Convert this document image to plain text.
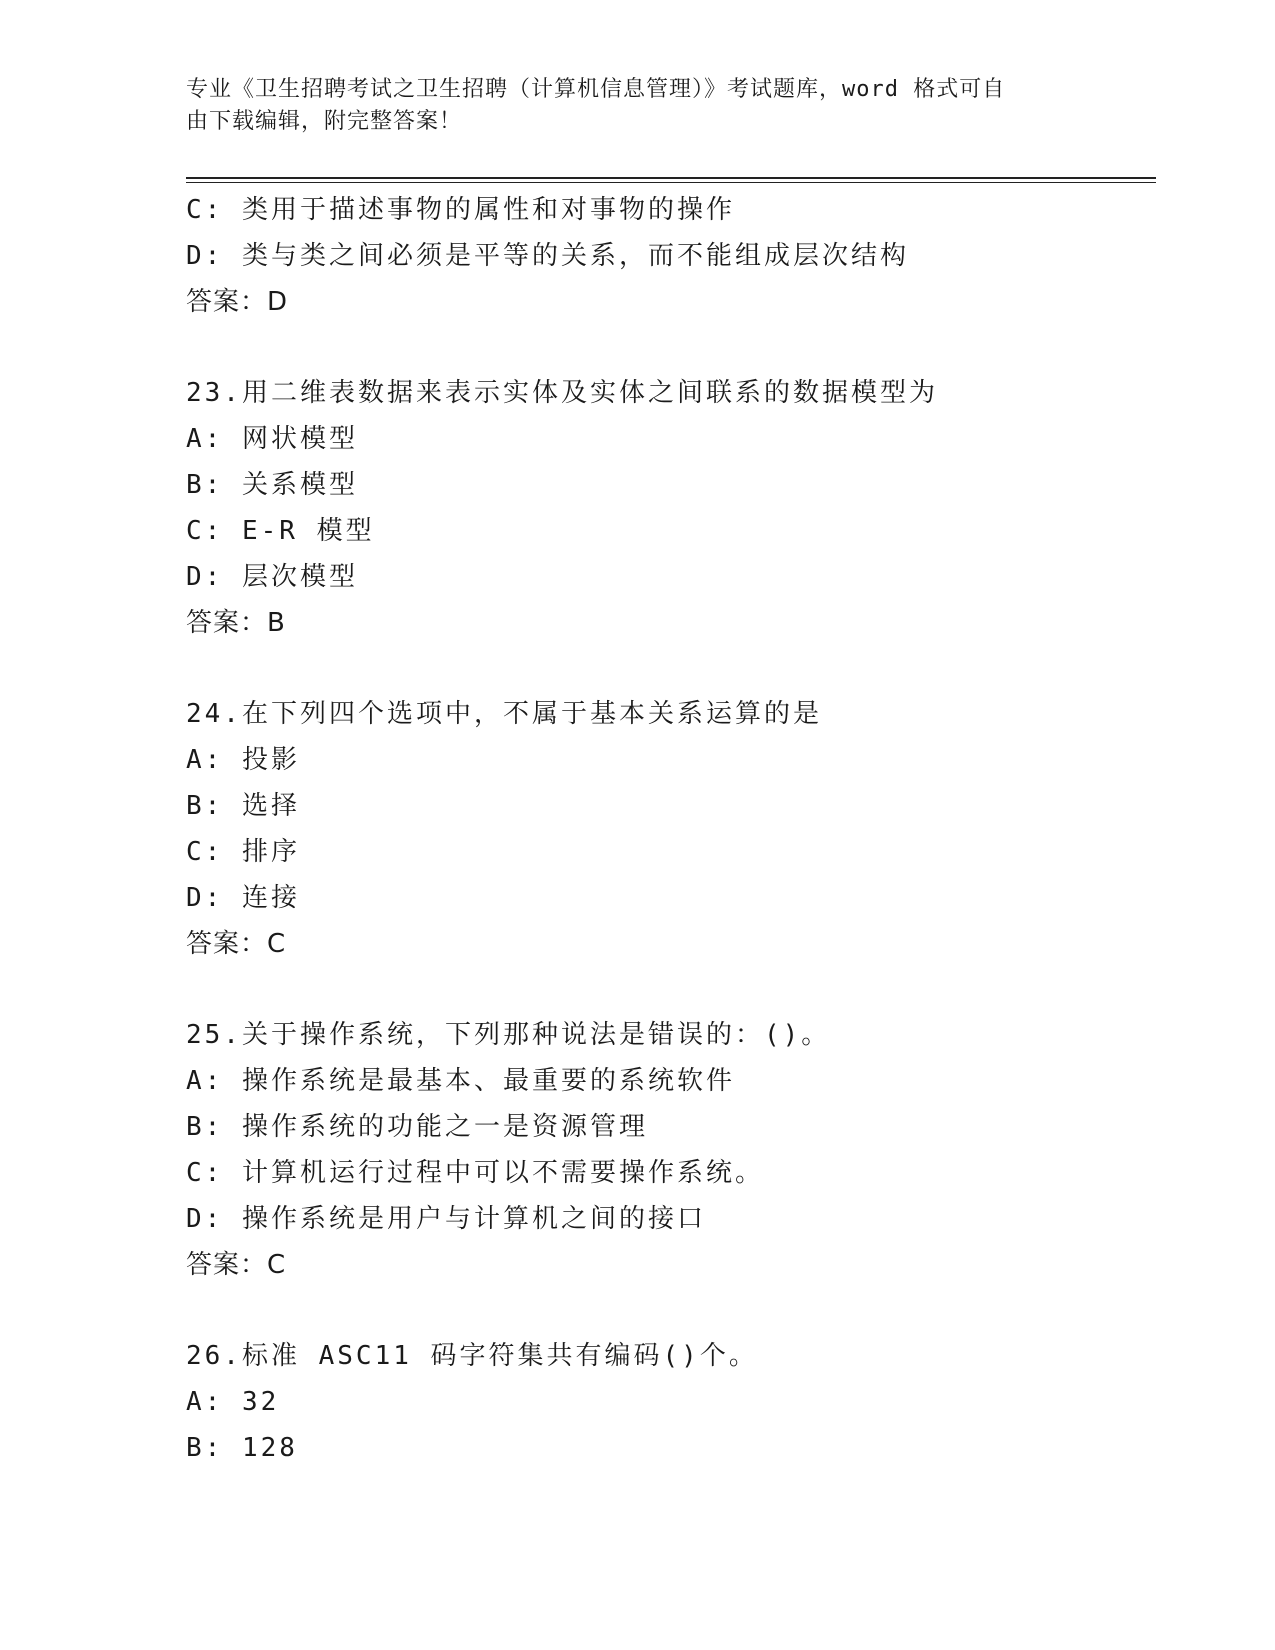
专业《卫生招聘考试之卫生招聘（计算机信息管理）》考试题库，word 格式可自
由下载编辑，附完整答案！
C: 类用于描述事物的属性和对事物的操作
D: 类与类之间必须是平等的关系，而不能组成层次结构
答案：D
23.用二维表数据来表示实体及实体之间联系的数据模型为
A: 网状模型
B: 关系模型
C: E-R 模型
D: 层次模型
答案：B
24.在下列四个选项中，不属于基本关系运算的是
A: 投影
B: 选择
C: 排序
D: 连接
答案：C
25.关于操作系统，下列那种说法是错误的：()。
A: 操作系统是最基本、最重要的系统软件
B: 操作系统的功能之一是资源管理
C: 计算机运行过程中可以不需要操作系统。
D: 操作系统是用户与计算机之间的接口
答案：C
26.标准 ASC11 码字符集共有编码()个。
A: 32
B: 128
